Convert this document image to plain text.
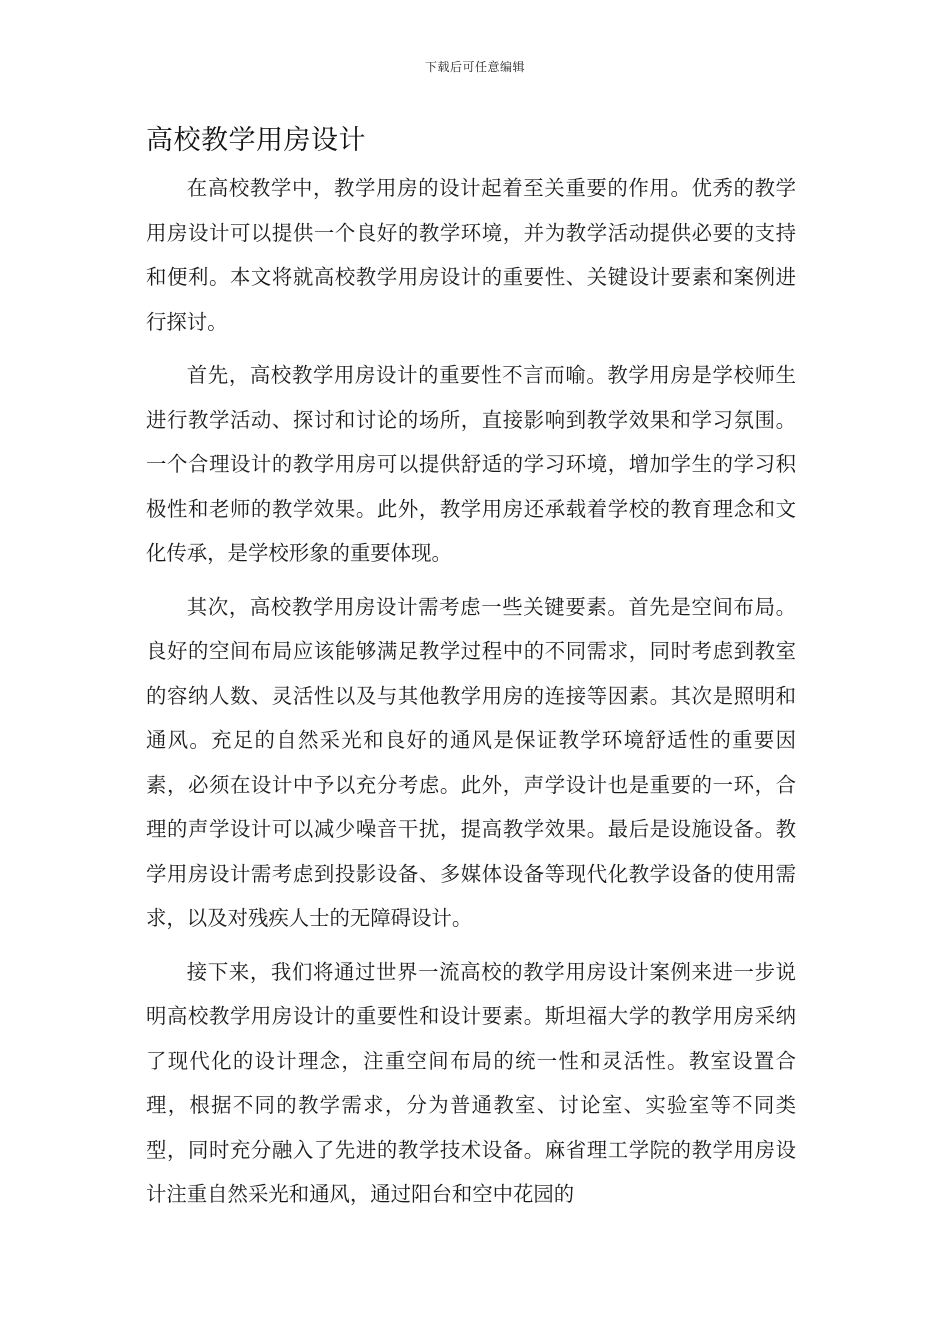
下载后可任意编辑
高校教学用房设计

在高校教学中，教学用房的设计起着至关重要的作用。优秀的教学用房设计可以提供一个良好的教学环境，并为教学活动提供必要的支持和便利。本文将就高校教学用房设计的重要性、关键设计要素和案例进行探讨。

首先，高校教学用房设计的重要性不言而喻。教学用房是学校师生进行教学活动、探讨和讨论的场所，直接影响到教学效果和学习氛围。一个合理设计的教学用房可以提供舒适的学习环境，增加学生的学习积极性和老师的教学效果。此外，教学用房还承载着学校的教育理念和文化传承，是学校形象的重要体现。

其次，高校教学用房设计需考虑一些关键要素。首先是空间布局。良好的空间布局应该能够满足教学过程中的不同需求，同时考虑到教室的容纳人数、灵活性以及与其他教学用房的连接等因素。其次是照明和通风。充足的自然采光和良好的通风是保证教学环境舒适性的重要因素，必须在设计中予以充分考虑。此外，声学设计也是重要的一环，合理的声学设计可以减少噪音干扰，提高教学效果。最后是设施设备。教学用房设计需考虑到投影设备、多媒体设备等现代化教学设备的使用需求，以及对残疾人士的无障碍设计。

接下来，我们将通过世界一流高校的教学用房设计案例来进一步说明高校教学用房设计的重要性和设计要素。斯坦福大学的教学用房采纳了现代化的设计理念，注重空间布局的统一性和灵活性。教室设置合理，根据不同的教学需求，分为普通教室、讨论室、实验室等不同类型，同时充分融入了先进的教学技术设备。麻省理工学院的教学用房设计注重自然采光和通风，通过阳台和空中花园的
